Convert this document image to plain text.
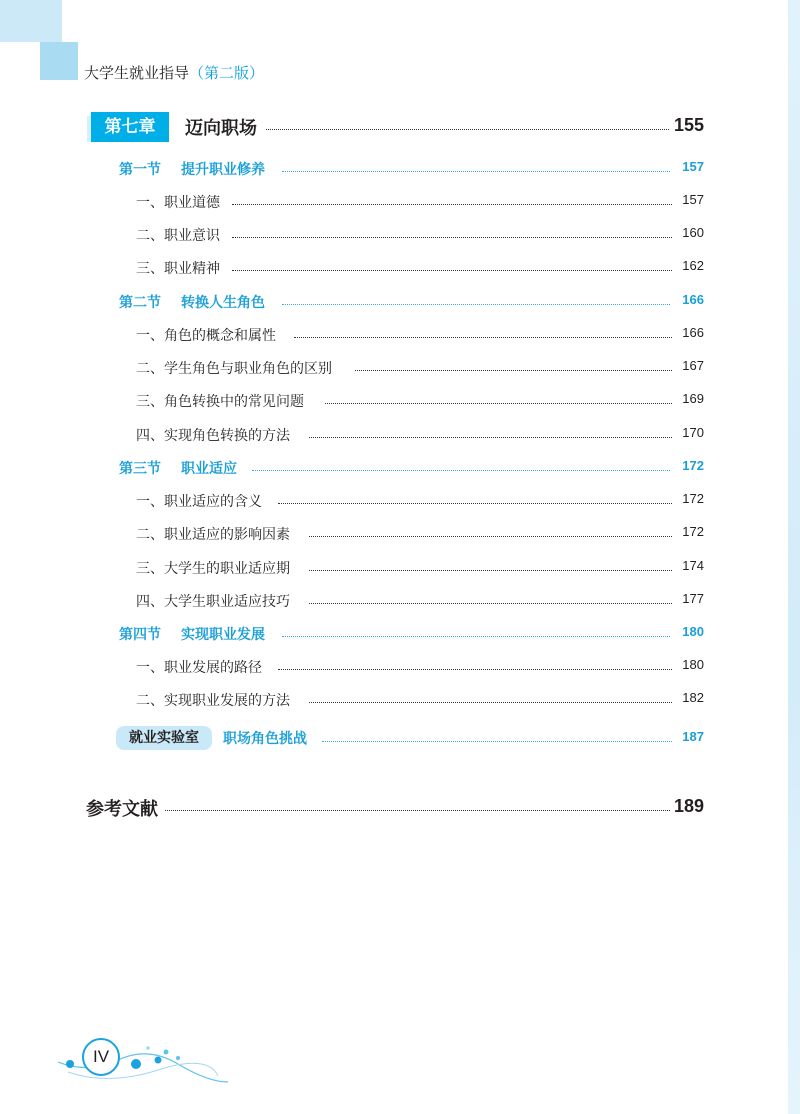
大学生就业指导（第二版）
第七章	迈向职场	155
第一节 提升职业修养	157
一、职业道德	157
二、职业意识	160
三、职业精神	162
第二节 转换人生角色	166
一、角色的概念和属性	166
二、学生角色与职业角色的区别	167
三、角色转换中的常见问题	169
四、实现角色转换的方法	170
第三节 职业适应	172
一、职业适应的含义	172
二、职业适应的影响因素	172
三、大学生的职业适应期	174
四、大学生职业适应技巧	177
第四节 实现职业发展	180
一、职业发展的路径	180
二、实现职业发展的方法	182
就业实验室	职场角色挑战	187
参考文献	189
IV
